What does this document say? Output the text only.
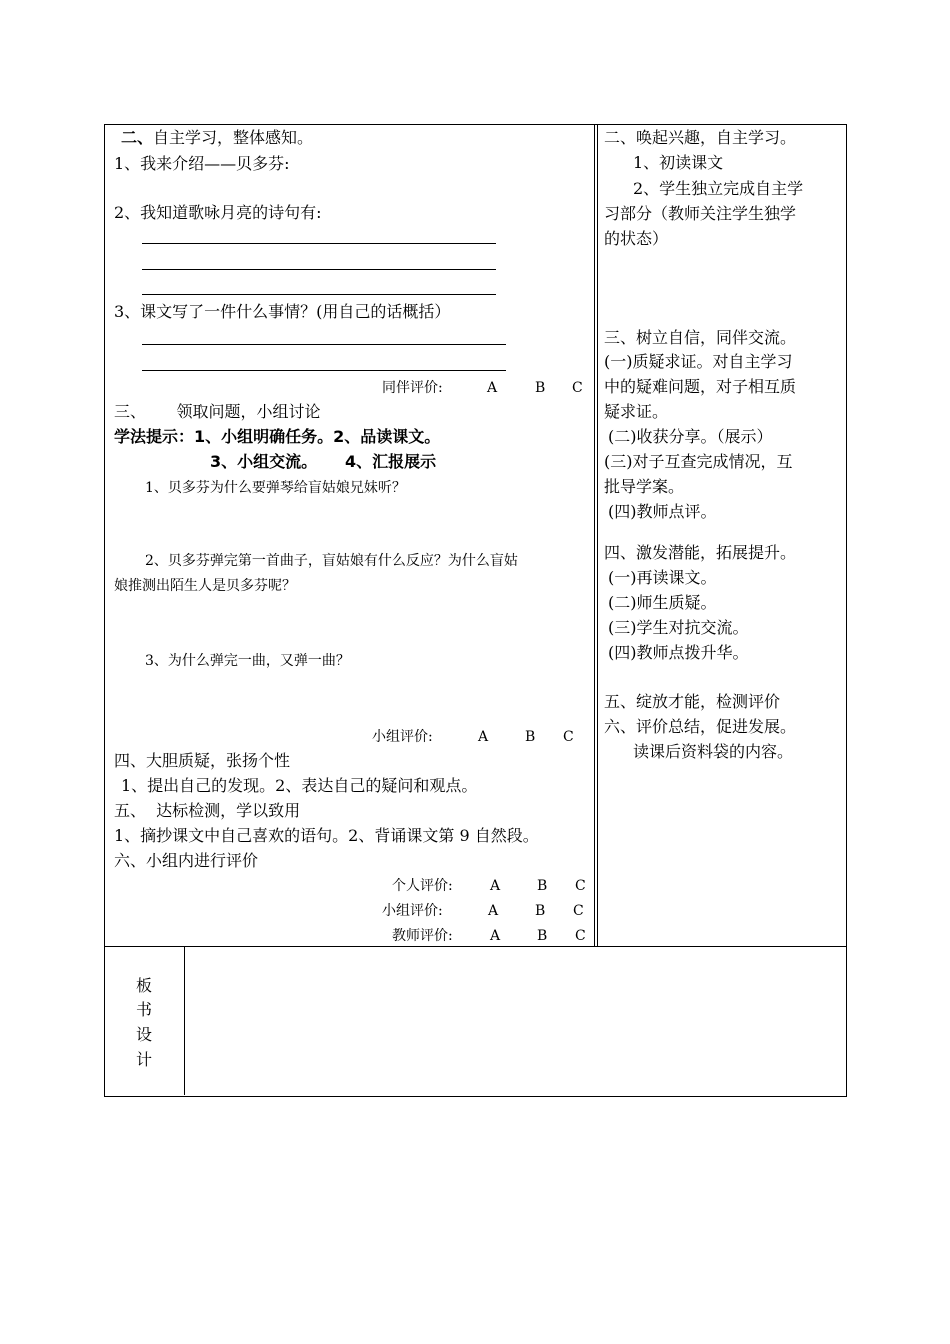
二、自主学习，整体感知。
1、我来介绍——贝多芬:
2、我知道歌咏月亮的诗句有:
3、课文写了一件什么事情？(用自己的话概括）
同伴评价:	A	B C
三、      领取问题，小组讨论
学法提示：1、小组明确任务。2、品读课文。
3、小组交流。     4、汇报展示
1、贝多芬为什么要弹琴给盲姑娘兄妹听？
2、贝多芬弹完第一首曲子，盲姑娘有什么反应？为什么盲姑
娘推测出陌生人是贝多芬呢？
3、为什么弹完一曲，又弹一曲？
小组评价:	A	B C
四、大胆质疑，张扬个性
1、提出自己的发现。2、表达自己的疑问和观点。
五、  达标检测，学以致用
1、摘抄课文中自己喜欢的语句。2、背诵课文第 9 自然段。
六、小组内进行评价
个人评价:	A	B C
小组评价:	A	B C
教师评价:	A	B C
二、唤起兴趣，自主学习。
1、初读课文
2、学生独立完成自主学
习部分（教师关注学生独学
的状态）
三、树立自信，同伴交流。
(一)质疑求证。对自主学习
中的疑难问题，对子相互质
疑求证。
(二)收获分享。（展示）
(三)对子互查完成情况，互
批导学案。
(四)教师点评。
四、激发潜能，拓展提升。
(一)再读课文。
(二)师生质疑。
(三)学生对抗交流。
(四)教师点拨升华。
五、绽放才能，检测评价
六、评价总结，促进发展。
读课后资料袋的内容。
板
书
设
计
